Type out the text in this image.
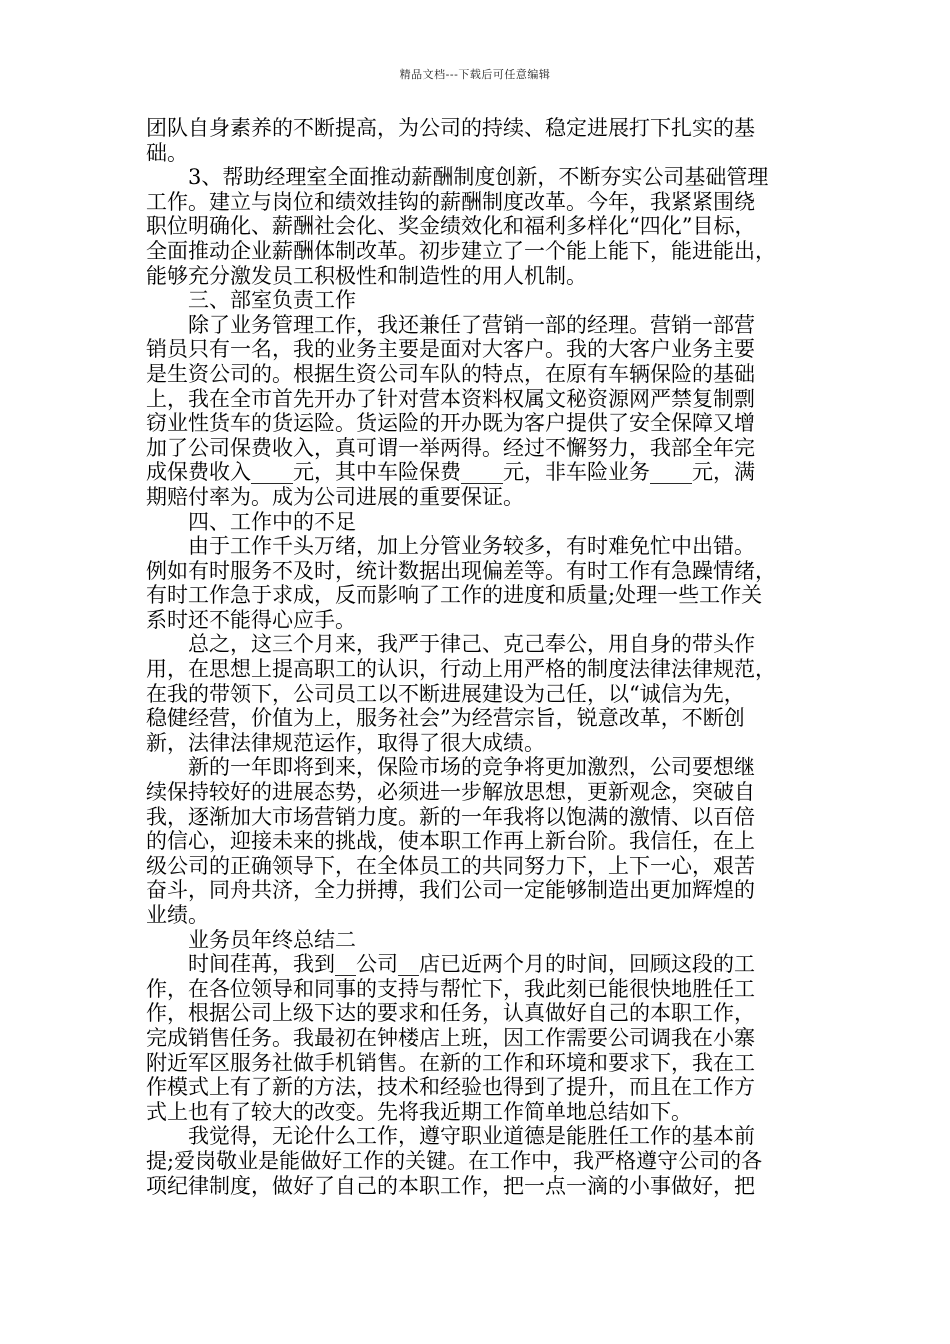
精品文档---下载后可任意编辑
团队自身素养的不断提高，为公司的持续、稳定进展打下扎实的基
础。
　　3、帮助经理室全面推动薪酬制度创新，不断夯实公司基础管理
工作。建立与岗位和绩效挂钩的薪酬制度改革。今年，我紧紧围绕
职位明确化、薪酬社会化、奖金绩效化和福利多样化“四化”目标，
全面推动企业薪酬体制改革。初步建立了一个能上能下，能进能出，
能够充分激发员工积极性和制造性的用人机制。
　　三、部室负责工作
　　除了业务管理工作，我还兼任了营销一部的经理。营销一部营
销员只有一名，我的业务主要是面对大客户。我的大客户业务主要
是生资公司的。根据生资公司车队的特点，在原有车辆保险的基础
上，我在全市首先开办了针对营本资料权属文秘资源网严禁复制剽
窃业性货车的货运险。货运险的开办既为客户提供了安全保障又增
加了公司保费收入，真可谓一举两得。经过不懈努力，我部全年完
成保费收入____元，其中车险保费____元，非车险业务____元，满
期赔付率为。成为公司进展的重要保证。
　　四、工作中的不足
　　由于工作千头万绪，加上分管业务较多，有时难免忙中出错。
例如有时服务不及时，统计数据出现偏差等。有时工作有急躁情绪，
有时工作急于求成，反而影响了工作的进度和质量;处理一些工作关
系时还不能得心应手。
　　总之，这三个月来，我严于律己、克己奉公，用自身的带头作
用，在思想上提高职工的认识，行动上用严格的制度法律法律规范，
在我的带领下，公司员工以不断进展建设为己任，以“诚信为先，
稳健经营，价值为上，服务社会”为经营宗旨，锐意改革，不断创
新，法律法律规范运作，取得了很大成绩。
　　新的一年即将到来，保险市场的竞争将更加激烈，公司要想继
续保持较好的进展态势，必须进一步解放思想，更新观念，突破自
我，逐渐加大市场营销力度。新的一年我将以饱满的激情、以百倍
的信心，迎接未来的挑战，使本职工作再上新台阶。我信任，在上
级公司的正确领导下，在全体员工的共同努力下，上下一心，艰苦
奋斗，同舟共济，全力拼搏，我们公司一定能够制造出更加辉煌的
业绩。
　　业务员年终总结二
　　时间荏苒，我到__公司__店已近两个月的时间，回顾这段的工
作，在各位领导和同事的支持与帮忙下，我此刻已能很快地胜任工
作，根据公司上级下达的要求和任务，认真做好自己的本职工作，
完成销售任务。我最初在钟楼店上班，因工作需要公司调我在小寨
附近军区服务社做手机销售。在新的工作和环境和要求下，我在工
作模式上有了新的方法，技术和经验也得到了提升，而且在工作方
式上也有了较大的改变。先将我近期工作简单地总结如下。
　　我觉得，无论什么工作，遵守职业道德是能胜任工作的基本前
提;爱岗敬业是能做好工作的关键。在工作中，我严格遵守公司的各
项纪律制度，做好了自己的本职工作，把一点一滴的小事做好，把
